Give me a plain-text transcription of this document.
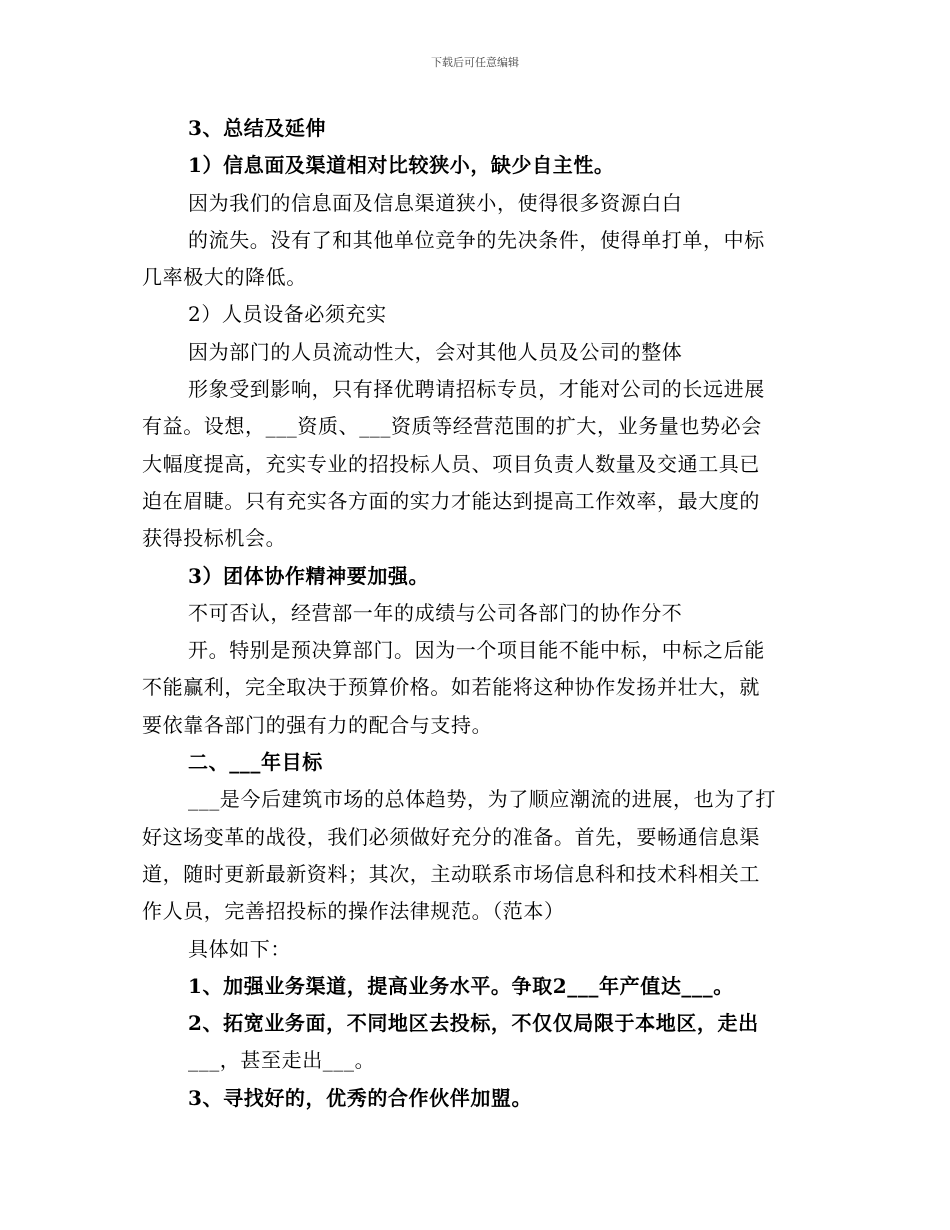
下载后可任意编辑
3、总结及延伸
1）信息面及渠道相对比较狭小，缺少自主性。
因为我们的信息面及信息渠道狭小，使得很多资源白白
的流失。没有了和其他单位竞争的先决条件，使得单打单，中标
几率极大的降低。
2）人员设备必须充实
因为部门的人员流动性大，会对其他人员及公司的整体
形象受到影响，只有择优聘请招标专员，才能对公司的长远进展
有益。设想，___资质、___资质等经营范围的扩大，业务量也势必会
大幅度提高，充实专业的招投标人员、项目负责人数量及交通工具已
迫在眉睫。只有充实各方面的实力才能达到提高工作效率，最大度的
获得投标机会。
3）团体协作精神要加强。
不可否认，经营部一年的成绩与公司各部门的协作分不
开。特别是预决算部门。因为一个项目能不能中标，中标之后能
不能赢利，完全取决于预算价格。如若能将这种协作发扬并壮大，就
要依靠各部门的强有力的配合与支持。
二、___年目标
___是今后建筑市场的总体趋势，为了顺应潮流的进展，也为了打
好这场变革的战役，我们必须做好充分的准备。首先，要畅通信息渠
道，随时更新最新资料；其次，主动联系市场信息科和技术科相关工
作人员，完善招投标的操作法律规范。（范本）
具体如下：
1、加强业务渠道，提高业务水平。争取2___年产值达___。
2、拓宽业务面，不同地区去投标，不仅仅局限于本地区，走出
___，甚至走出___。
3、寻找好的，优秀的合作伙伴加盟。
